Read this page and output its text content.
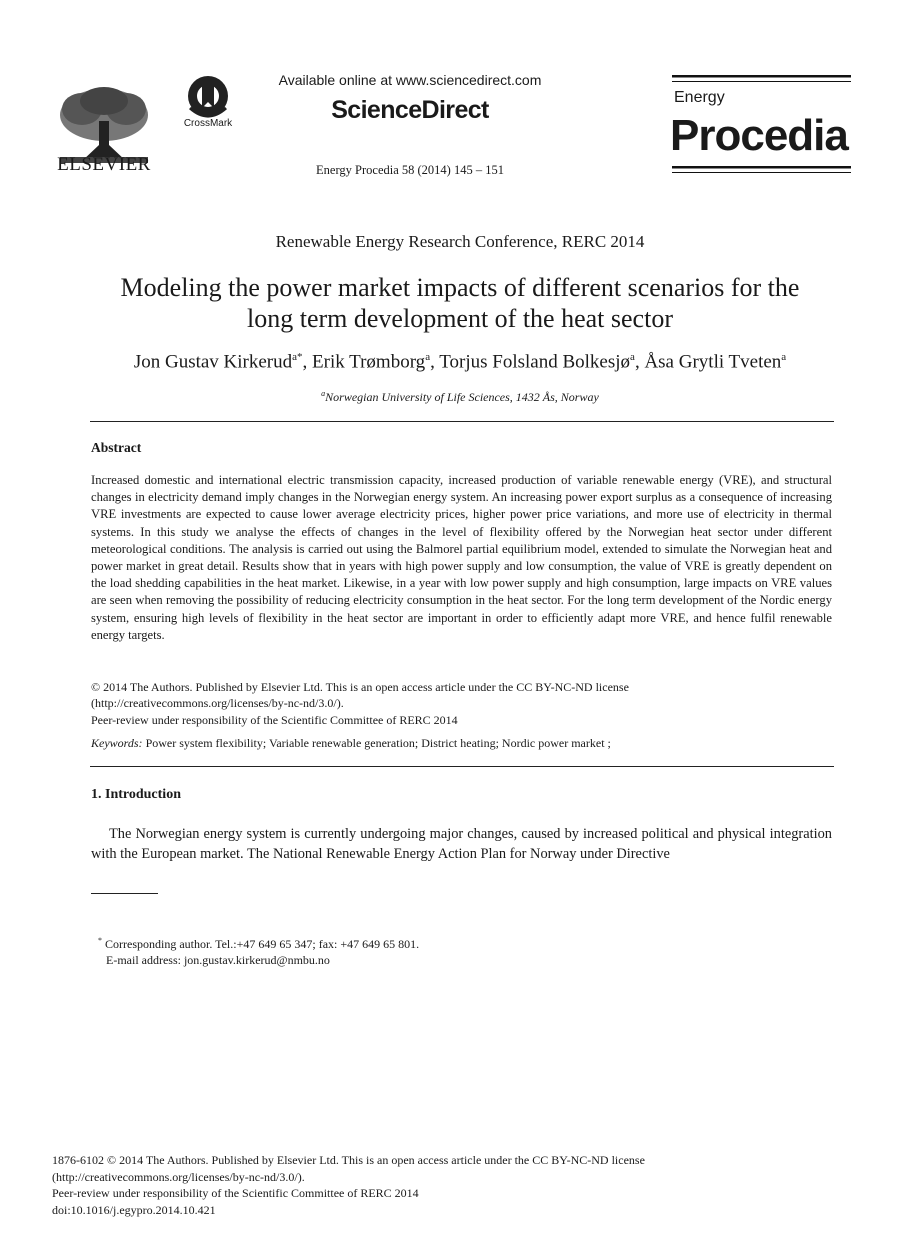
ELSEVIER
CrossMark
Available online at www.sciencedirect.com
ScienceDirect
Energy Procedia 58 (2014) 145 – 151
Energy
Procedia
Renewable Energy Research Conference, RERC 2014
Modeling the power market impacts of different scenarios for the
long term development of the heat sector
Jon Gustav Kirkerud$^{a*}$, Erik Trømborg$^a$, Torjus Folsland Bolkesjø$^a$, Åsa Grytli Tveten$^a$
$^a$Norwegian University of Life Sciences, 1432 Ås, Norway
Abstract
Increased domestic and international electric transmission capacity, increased production of variable renewable energy (VRE), and structural changes in electricity demand imply changes in the Norwegian energy system. An increasing power export surplus as a consequence of increasing VRE investments are expected to cause lower average electricity prices, higher power price variations, and more use of electricity in thermal systems. In this study we analyse the effects of changes in the level of flexibility offered by the Norwegian heat sector under different meteorological conditions. The analysis is carried out using the Balmorel partial equilibrium model, extended to simulate the Norwegian heat and power market in great detail. Results show that in years with high power supply and low consumption, the value of VRE is greatly dependent on the load shedding capabilities in the heat market. Likewise, in a year with low power supply and high consumption, large impacts on VRE values are seen when removing the possibility of reducing electricity consumption in the heat sector. For the long term development of the Nordic energy system, ensuring high levels of flexibility in the heat sector are important in order to efficiently adapt more VRE, and hence fulfil renewable energy targets.
© 2014 The Authors. Published by Elsevier Ltd. This is an open access article under the CC BY-NC-ND license
(http://creativecommons.org/licenses/by-nc-nd/3.0/).
Peer-review under responsibility of the Scientific Committee of RERC 2014
Keywords: Power system flexibility; Variable renewable generation; District heating; Nordic power market ;
1. Introduction
The Norwegian energy system is currently undergoing major changes, caused by increased political and physical integration with the European market. The National Renewable Energy Action Plan for Norway under Directive
* Corresponding author. Tel.:+47 649 65 347; fax: +47 649 65 801.
E-mail address: jon.gustav.kirkerud@nmbu.no
1876-6102 © 2014 The Authors. Published by Elsevier Ltd. This is an open access article under the CC BY-NC-ND license
(http://creativecommons.org/licenses/by-nc-nd/3.0/).
Peer-review under responsibility of the Scientific Committee of RERC 2014
doi:10.1016/j.egypro.2014.10.421
